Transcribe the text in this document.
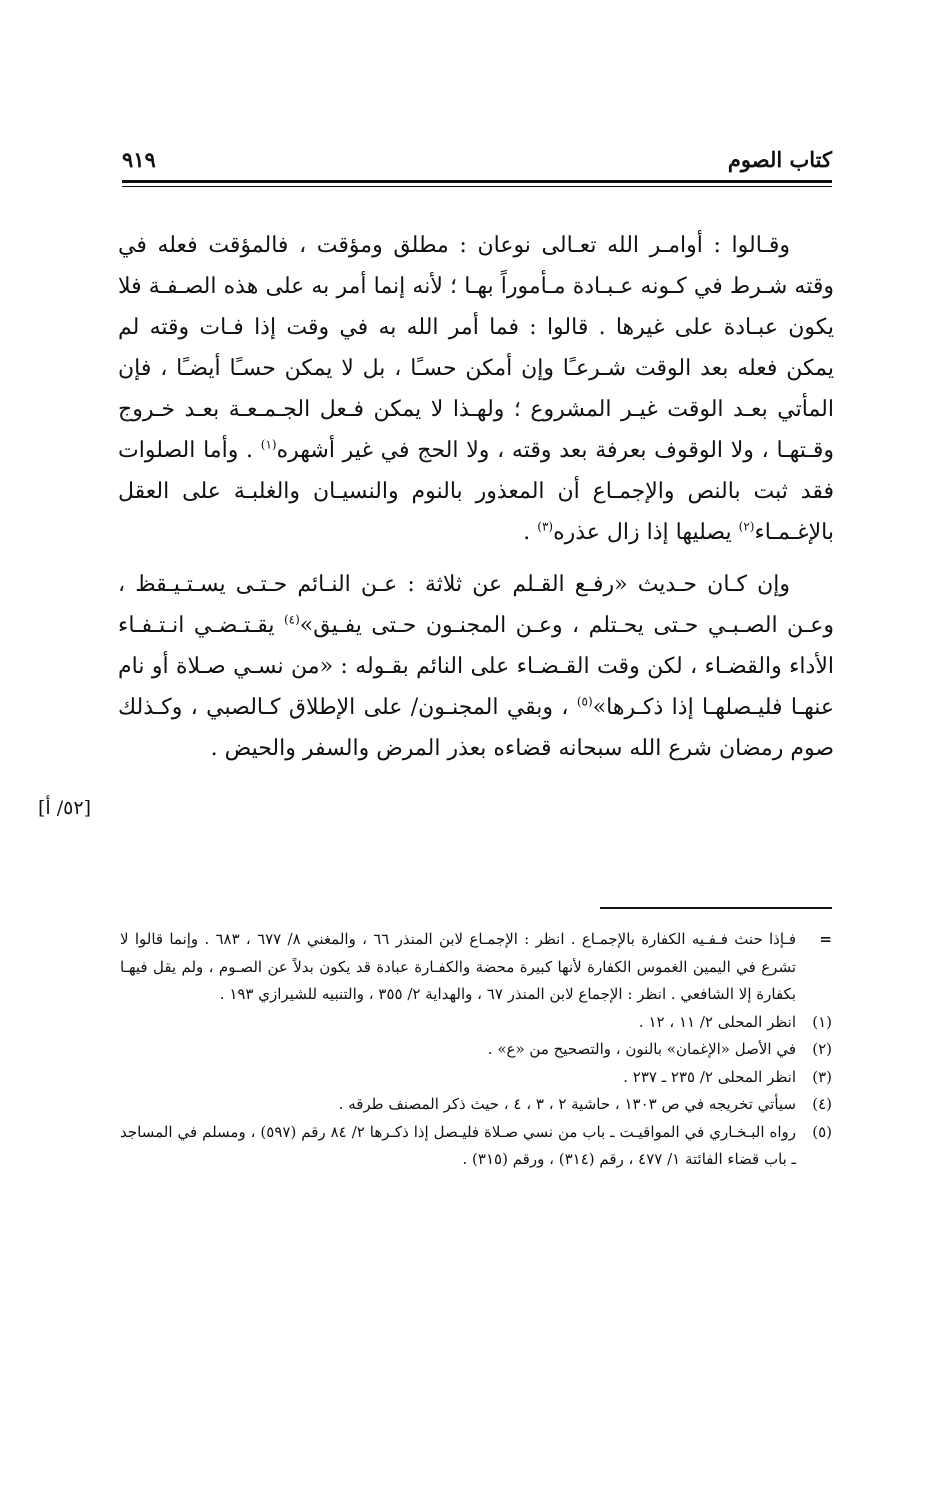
كتاب الصوم
٩١٩

وقـالوا : أوامـر الله تعـالى نوعان : مطلق ومؤقت ، فالمؤقت فعله في وقته شـرط في كـونه عـبـادة مـأموراً بهـا ؛ لأنه إنما أمر به على هذه الصـفـة فلا يكون عبـادة على غيرها . قالوا : فما أمر الله به في وقت إذا فـات وقته لم يمكن فعله بعد الوقت شـرعـًا وإن أمكن حسـًا ، بل لا يمكن حسـًا أيضـًا ، فإن المأتي بعـد الوقت غيـر المشروع ؛ ولهـذا لا يمكن فـعل الجـمـعـة بعـد خـروج وقـتهـا ، ولا الوقوف بعرفة بعد وقته ، ولا الحج في غير أشهره$^{(١)}$ . وأما الصلوات فقد ثبت بالنص والإجمـاع أن المعذور بالنوم والنسيـان والغلبـة على العقل بالإغـمـاء$^{(٢)}$ يصليها إذا زال عذره$^{(٣)}$ .

وإن كـان حـديث «رفـع القـلم عن ثلاثة : عـن النـائم حـتـى يسـتـيـقظ ، وعـن الصـبـي حـتى يحـتلم ، وعـن المجنـون حـتى يفـيق»$^{(٤)}$ يقـتـضـي انـتـفـاء الأداء والقضـاء ، لكن وقت القـضـاء على النائم بقـوله : «من نسـي صـلاة أو نام عنهـا فليـصلهـا إذا ذكـرها»$^{(٥)}$ ، وبقي المجنـون/ على الإطلاق كـالصبي ، وكـذلك صوم رمضان شرع الله سبحانه قضاءه بعذر المرض والسفر والحيض .

[٥٢/ أ]
=
فـإذا حنث فـفـيه الكفارة بالإجمـاع . انظر : الإجمـاع لابن المنذر ٦٦ ، والمغني ٨/ ٦٧٧ ، ٦٨٣ . وإنما قالوا لا تشرع في اليمين الغموس الكفارة لأنها كبيرة محضة والكفـارة عبادة قد يكون بدلاً عن الصـوم ، ولم يقل فيهـا بكفارة إلا الشافعي . انظر : الإجماع لابن المنذر ٦٧ ، والهداية ٢/ ٣٥٥ ، والتنبيه للشيرازي ١٩٣ .
(١)
انظر المحلى ٢/ ١١ ، ١٢ .
(٢)
في الأصل «الإغمان» بالنون ، والتصحيح من «ع» .
(٣)
انظر المحلى ٢/ ٢٣٥ ـ ٢٣٧ .
(٤)
سيأتي تخريجه في ص ١٣٠٣ ، حاشية ٢ ، ٣ ، ٤ ، حيث ذكر المصنف طرقه .
(٥)
رواه البـخـاري في المواقيـت ـ باب من نسي صـلاة فليـصل إذا ذكـرها ٢/ ٨٤ رقم (٥٩٧) ، ومسلم في المساجد ـ باب قضاء الفائتة ١/ ٤٧٧ ، رقم (٣١٤) ، ورقم (٣١٥) .
